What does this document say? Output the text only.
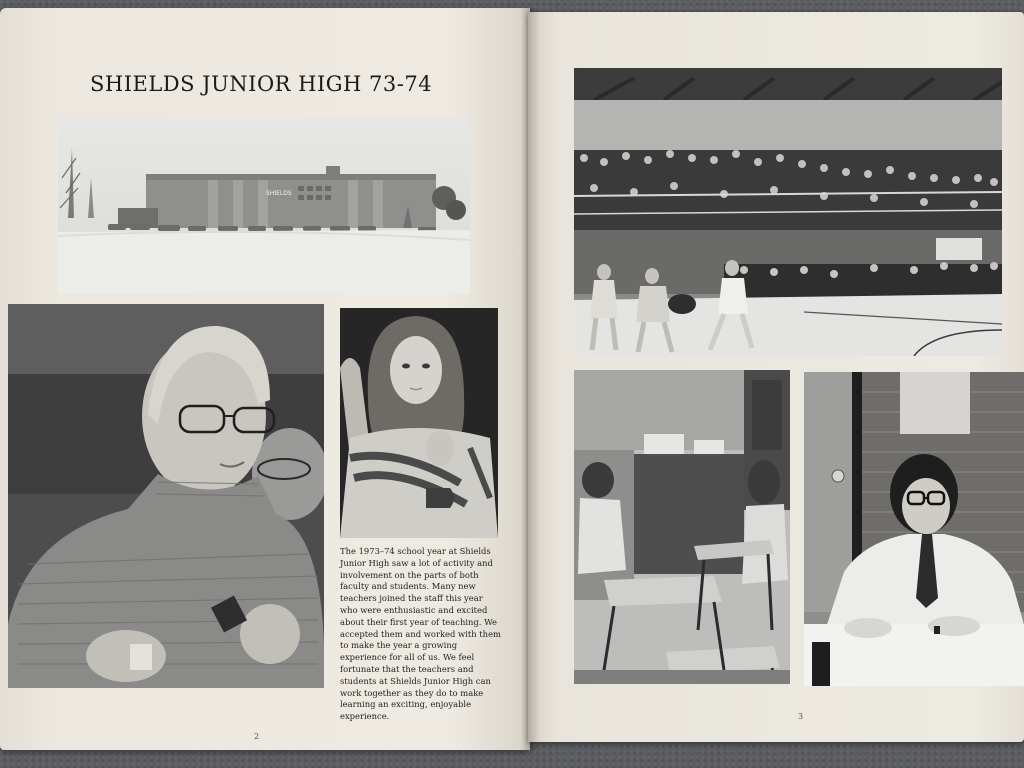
SHIELDS JUNIOR HIGH 73-74
SHIELDS

The 1973–74 school year at Shields Junior High saw a lot of activity and involvement on the parts of both faculty and students. Many new teachers joined the staff this year who were enthusiastic and excited about their first year of teaching. We accepted them and worked with them to make the year a growing experience for all of us. We feel fortunate that the teachers and students at Shields Junior High can work together as they do to make learning an exciting, enjoyable experience.

2
3
